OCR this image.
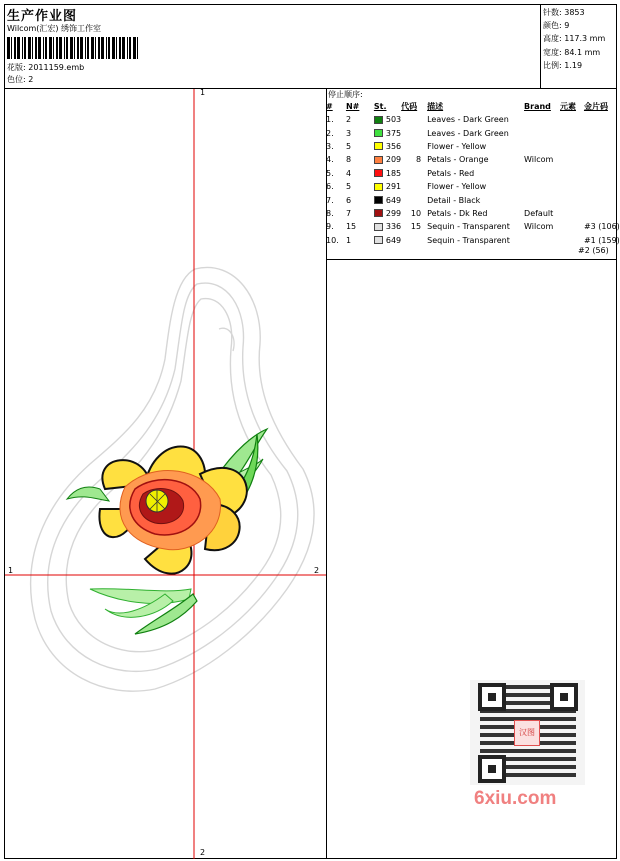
生产作业图
Wilcom(汇宏) 绣饰工作室
花版: 2011159.emb
色位: 2
针数: 3853
颜色: 9
高度: 117.3 mm
宽度: 84.1 mm
比例: 1.19
停止顺序:
#	N#	St.	代码	描述	Brand	元素	金片码
1.	2	503		Leaves - Dark Green			
2.	3	375		Leaves - Dark Green			
3.	5	356		Flower - Yellow			
4.	8	209	8	Petals - Orange	Wilcom		
5.	4	185		Petals - Red			
6.	5	291		Flower - Yellow			
7.	6	649		Detail - Black			
8.	7	299	10	Petals - Dk Red	Default		
9.	15	336	15	Sequin - Transparent	Wilcom		#3 (106)
10.	1	649		Sequin - Transparent			#1 (159)
#2 (56)
1
2
1	2
汉图
6xiu.com
